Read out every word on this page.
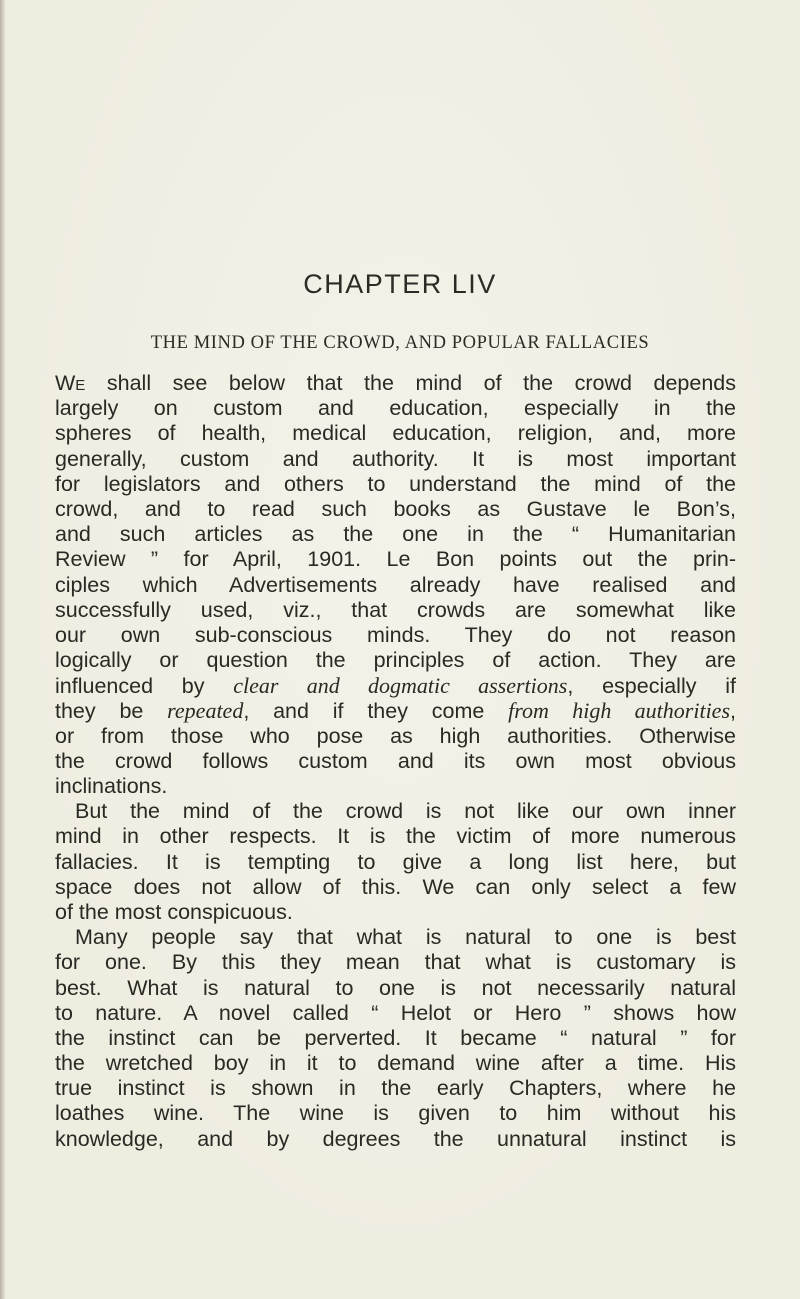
CHAPTER LIV
THE MIND OF THE CROWD, AND POPULAR FALLACIES
We shall see below that the mind of the crowd depends
largely on custom and education, especially in the
spheres of health, medical education, religion, and, more
generally, custom and authority. It is most important
for legislators and others to understand the mind of the
crowd, and to read such books as Gustave le Bon’s,
and such articles as the one in the “ Humanitarian
Review ” for April, 1901. Le Bon points out the prin-
ciples which Advertisements already have realised and
successfully used, viz., that crowds are somewhat like
our own sub-conscious minds. They do not reason
logically or question the principles of action. They are
influenced by clear and dogmatic assertions, especially if
they be repeated, and if they come from high authorities,
or from those who pose as high authorities. Otherwise
the crowd follows custom and its own most obvious
inclinations.
But the mind of the crowd is not like our own inner
mind in other respects. It is the victim of more numerous
fallacies. It is tempting to give a long list here, but
space does not allow of this. We can only select a few
of the most conspicuous.
Many people say that what is natural to one is best
for one. By this they mean that what is customary is
best. What is natural to one is not necessarily natural
to nature. A novel called “ Helot or Hero ” shows how
the instinct can be perverted. It became “ natural ” for
the wretched boy in it to demand wine after a time. His
true instinct is shown in the early Chapters, where he
loathes wine. The wine is given to him without his
knowledge, and by degrees the unnatural instinct is
